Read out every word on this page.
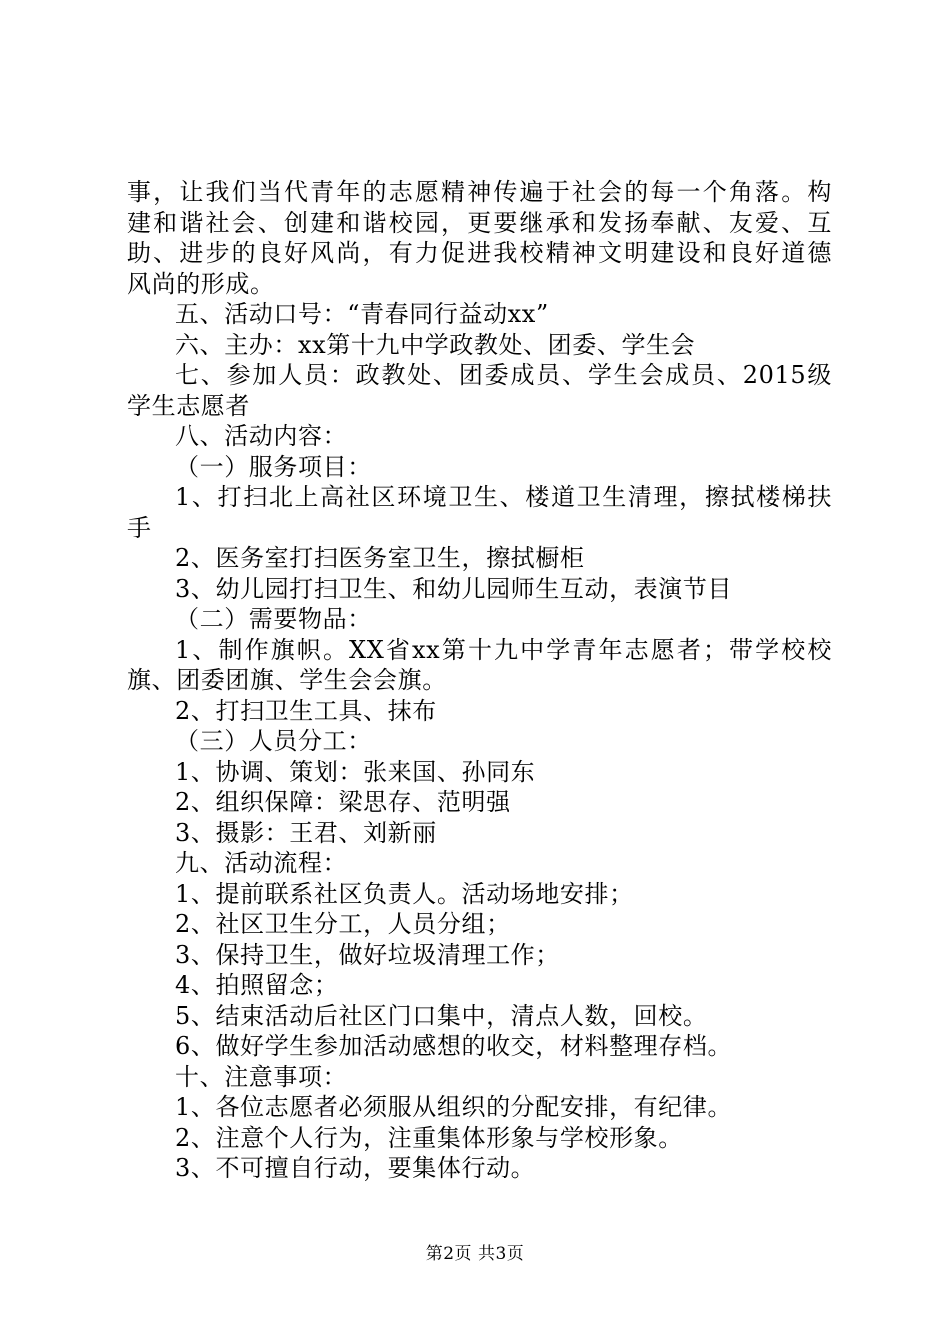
事，让我们当代青年的志愿精神传遍于社会的每一个角落。构
建和谐社会、创建和谐校园，更要继承和发扬奉献、友爱、互
助、进步的良好风尚，有力促进我校精神文明建设和良好道德
风尚的形成。
五、活动口号：“青春同行益动xx”
六、主办：xx第十九中学政教处、团委、学生会
七、参加人员：政教处、团委成员、学生会成员、2015级
学生志愿者
八、活动内容：
（一）服务项目：
1、打扫北上高社区环境卫生、楼道卫生清理，擦拭楼梯扶
手
2、医务室打扫医务室卫生，擦拭橱柜
3、幼儿园打扫卫生、和幼儿园师生互动，表演节目
（二）需要物品：
1、制作旗帜。XX省xx第十九中学青年志愿者；带学校校
旗、团委团旗、学生会会旗。
2、打扫卫生工具、抹布
（三）人员分工：
1、协调、策划：张来国、孙同东
2、组织保障：梁思存、范明强
3、摄影：王君、刘新丽
九、活动流程：
1、提前联系社区负责人。活动场地安排；
2、社区卫生分工，人员分组；
3、保持卫生，做好垃圾清理工作；
4、拍照留念；
5、结束活动后社区门口集中，清点人数，回校。
6、做好学生参加活动感想的收交，材料整理存档。
十、注意事项：
1、各位志愿者必须服从组织的分配安排，有纪律。
2、注意个人行为，注重集体形象与学校形象。
3、不可擅自行动，要集体行动。
第2页 共3页
